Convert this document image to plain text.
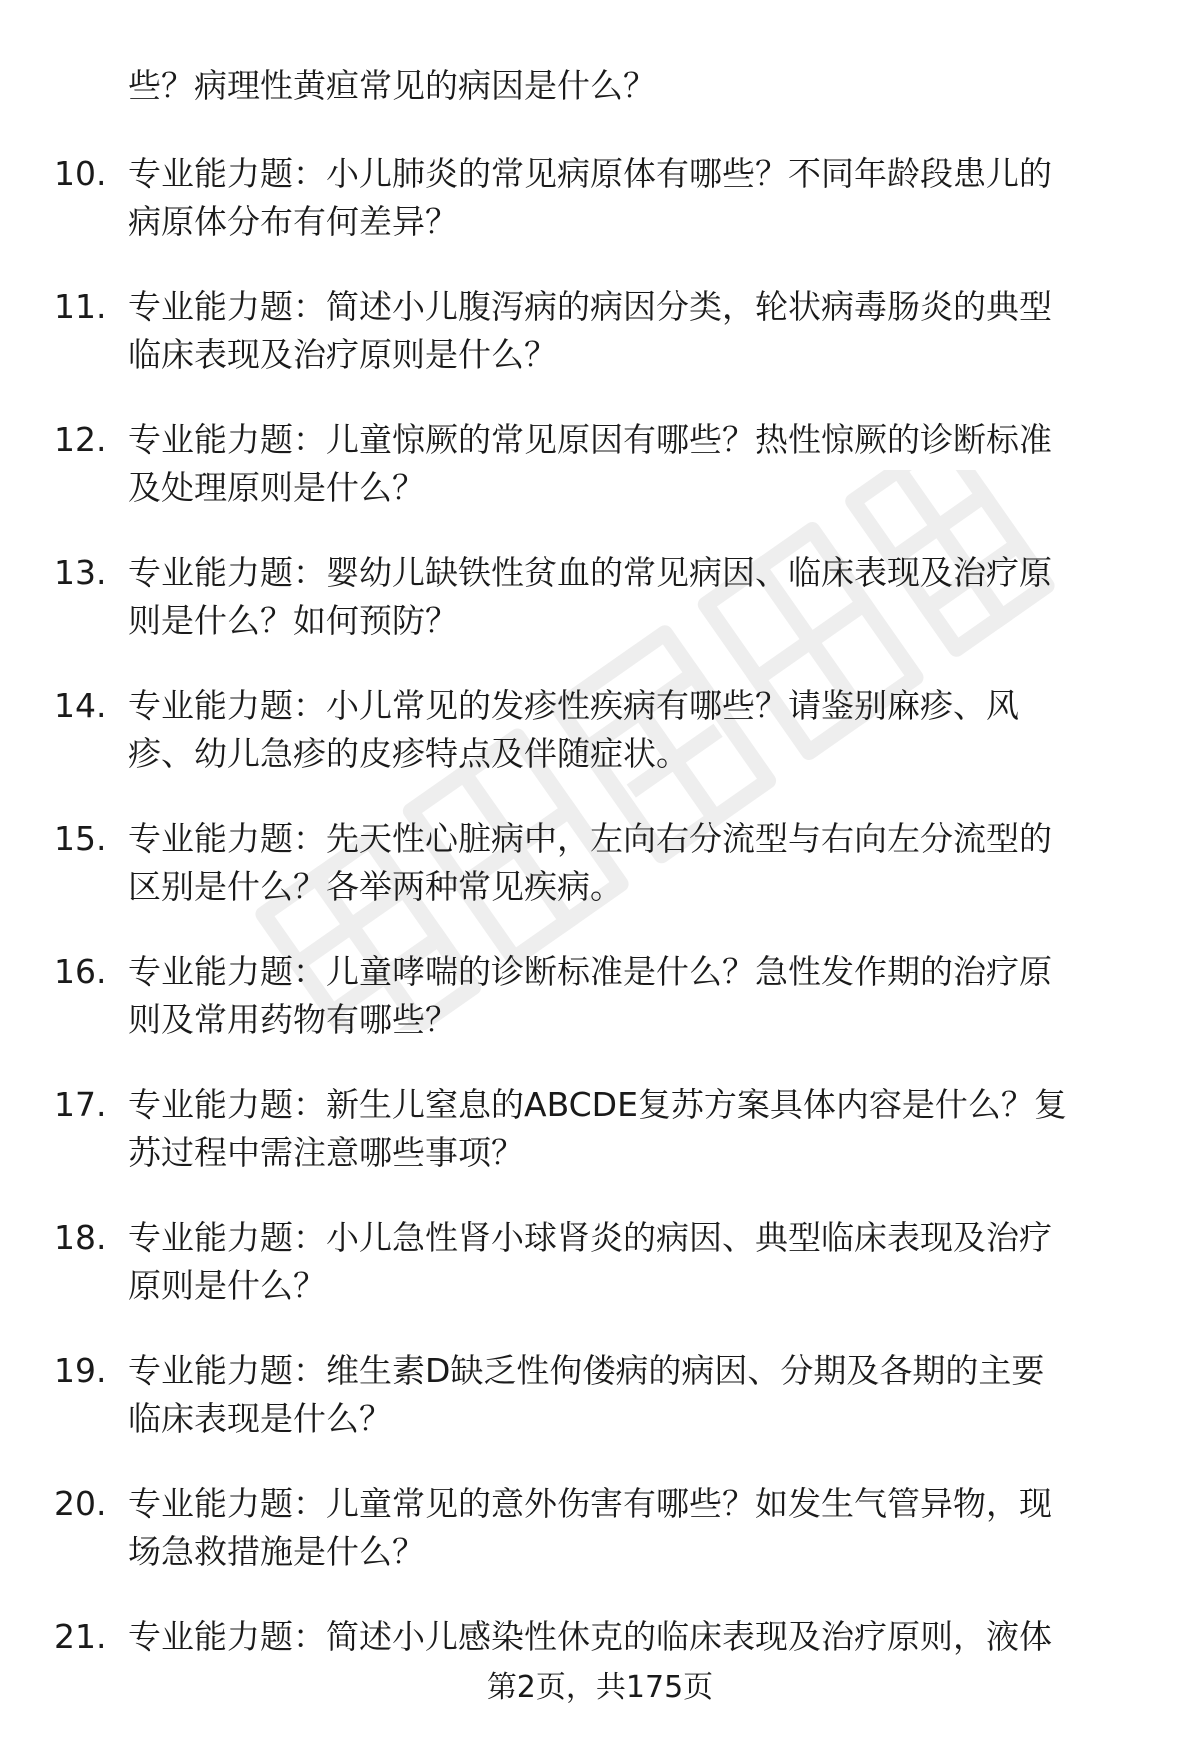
些？病理性黄疸常见的病因是什么？
10. 专业能力题：小儿肺炎的常见病原体有哪些？不同年龄段患儿的
病原体分布有何差异？
11. 专业能力题：简述小儿腹泻病的病因分类，轮状病毒肠炎的典型
临床表现及治疗原则是什么？
12. 专业能力题：儿童惊厥的常见原因有哪些？热性惊厥的诊断标准
及处理原则是什么？
13. 专业能力题：婴幼儿缺铁性贫血的常见病因、临床表现及治疗原
则是什么？如何预防？
14. 专业能力题：小儿常见的发疹性疾病有哪些？请鉴别麻疹、风
疹、幼儿急疹的皮疹特点及伴随症状。
15. 专业能力题：先天性心脏病中，左向右分流型与右向左分流型的
区别是什么？各举两种常见疾病。
16. 专业能力题：儿童哮喘的诊断标准是什么？急性发作期的治疗原
则及常用药物有哪些？
17. 专业能力题：新生儿窒息的ABCDE复苏方案具体内容是什么？复
苏过程中需注意哪些事项？
18. 专业能力题：小儿急性肾小球肾炎的病因、典型临床表现及治疗
原则是什么？
19. 专业能力题：维生素D缺乏性佝偻病的病因、分期及各期的主要
临床表现是什么？
20. 专业能力题：儿童常见的意外伤害有哪些？如发生气管异物，现
场急救措施是什么？
21. 专业能力题：简述小儿感染性休克的临床表现及治疗原则，液体
第2页，共175页
